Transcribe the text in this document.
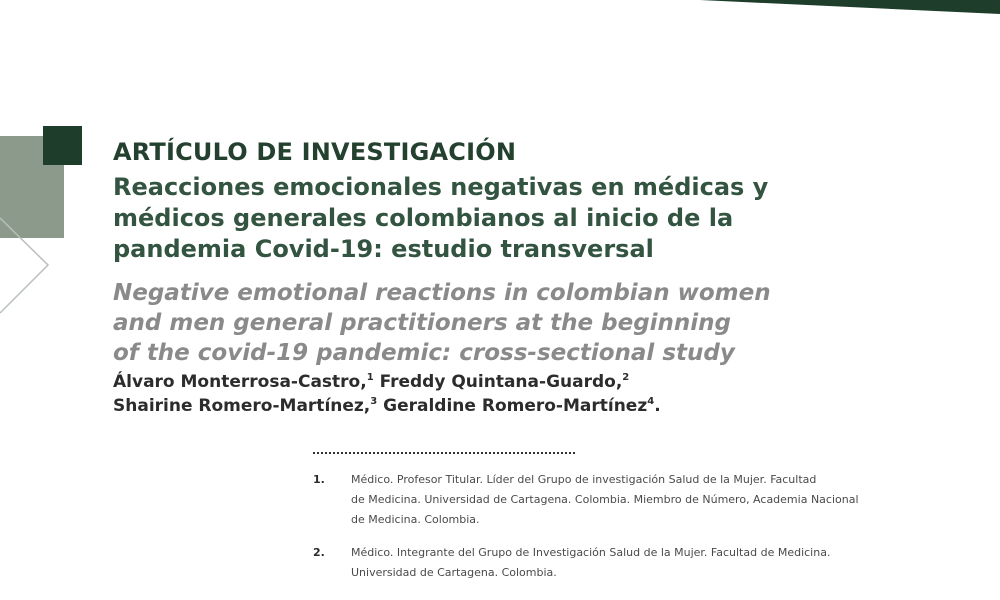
ARTÍCULO DE INVESTIGACIÓN
Reacciones emocionales negativas en médicas y
médicos generales colombianos al inicio de la
pandemia Covid-19: estudio transversal
Negative emotional reactions in colombian women
and men general practitioners at the beginning
of the covid-19 pandemic: cross-sectional study
Álvaro Monterrosa-Castro,$^1$ Freddy Quintana-Guardo,$^2$
Shairine Romero-Martínez,$^3$ Geraldine Romero-Martínez$^4$.
1. Médico. Profesor Titular. Líder del Grupo de investigación Salud de la Mujer. Facultad
de Medicina. Universidad de Cartagena. Colombia. Miembro de Número, Academia Nacional
de Medicina. Colombia.
2. Médico. Integrante del Grupo de Investigación Salud de la Mujer. Facultad de Medicina.
Universidad de Cartagena. Colombia.
